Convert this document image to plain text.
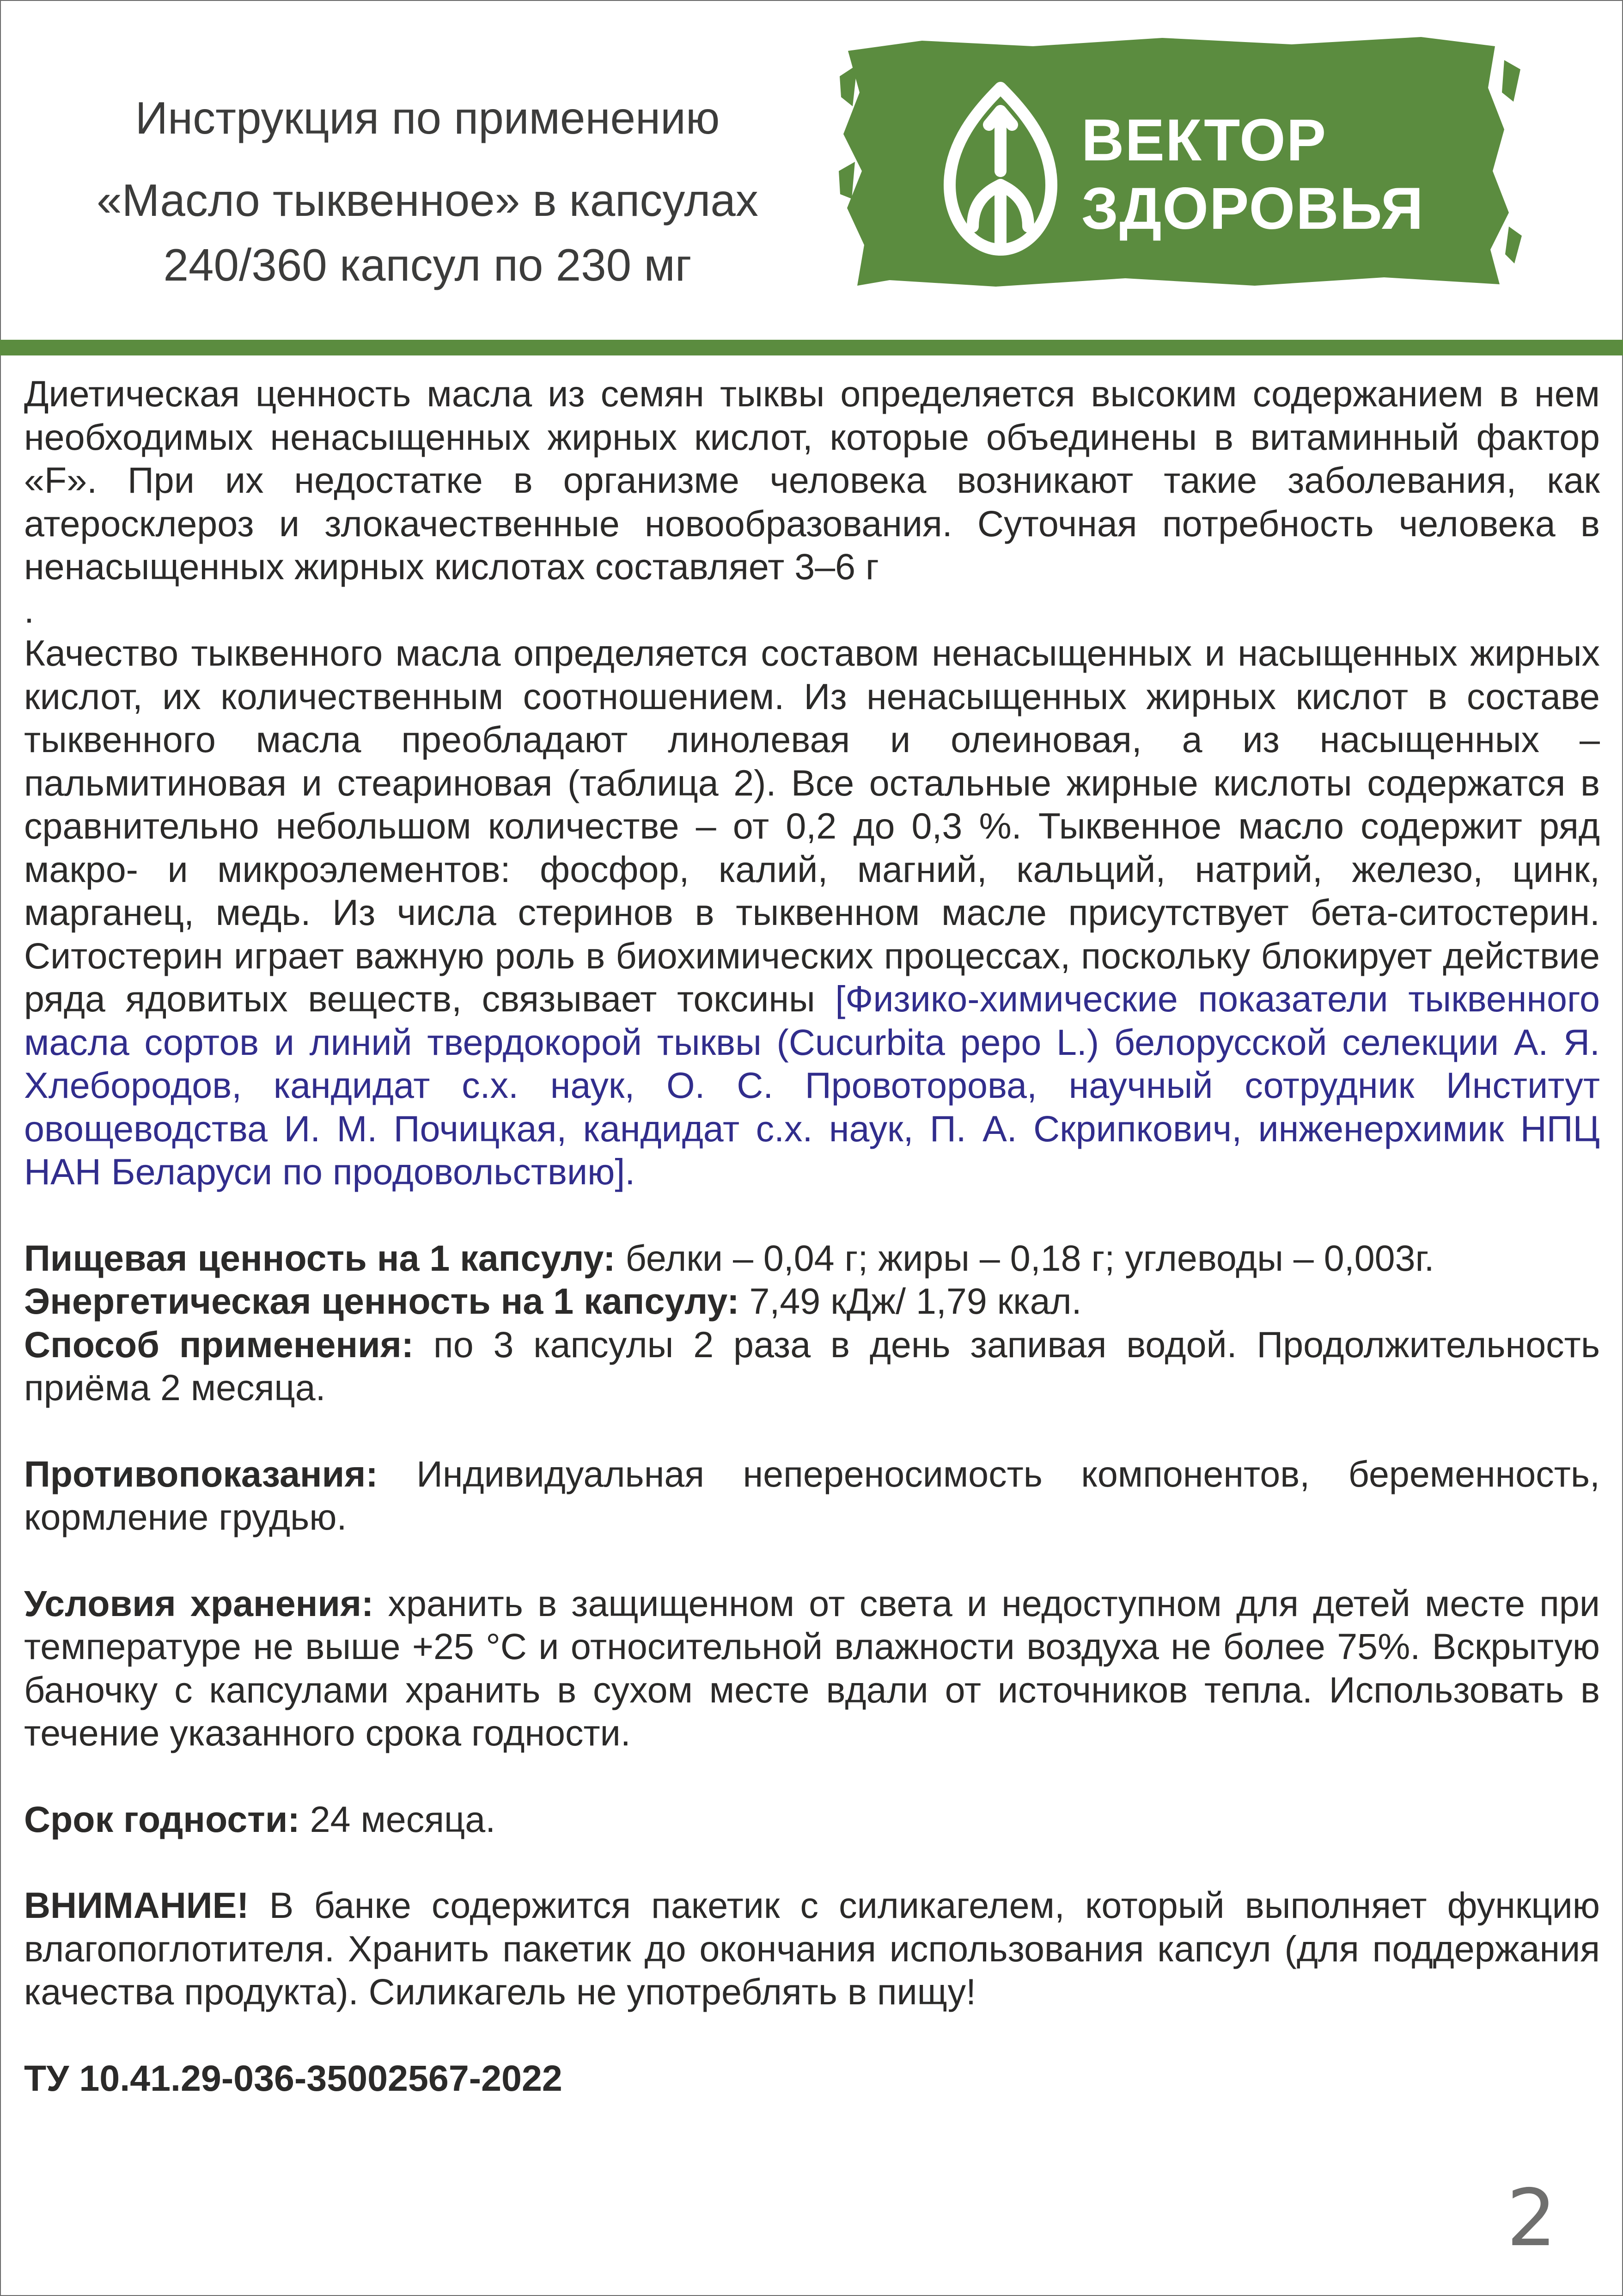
Инструкция по применению
«Масло тыквенное» в капсулах
240/360 капсул по 230 мг
ВЕКТОР
ЗДОРОВЬЯ

Диетическая ценность масла из семян тыквы определяется высоким содержанием в нем необходимых ненасыщенных жирных кислот, которые объединены в витаминный фактор «F». При их недостатке в организме человека возникают такие заболевания, как атеросклероз и злокачественные новообразования. Суточная потребность человека в ненасыщенных жирных кислотах составляет 3–6 г

.

Качество тыквенного масла определяется составом ненасыщенных и насыщенных жирных кислот, их количественным соотношением. Из ненасыщенных жирных кислот в составе тыквенного масла преобладают линолевая и олеиновая, а из насыщенных – пальмитиновая и стеариновая (таблица 2). Все остальные жирные кислоты содержатся в сравнительно небольшом количестве – от 0,2 до 0,3 %. Тыквенное масло содержит ряд макро- и микроэлементов: фосфор, калий, магний, кальций, натрий, железо, цинк, марганец, медь. Из числа стеринов в тыквенном масле присутствует бета-ситостерин. Ситостерин играет важную роль в биохимических процессах, поскольку блокирует действие ряда ядовитых веществ, связывает токсины [Физико-химические показатели тыквенного масла сортов и линий твердокорой тыквы (Cucurbita pepo L.) белорусской селекции А. Я. Хлебородов, кандидат с.х. наук, О. С. Провоторова, научный сотрудник Институт овощеводства И. М. Почицкая, кандидат с.х. наук, П. А. Скрипкович, инженерхимик НПЦ НАН Беларуси по продовольствию].

Пищевая ценность на 1 капсулу: белки – 0,04 г; жиры – 0,18 г; углеводы – 0,003г.

Энергетическая ценность на 1 капсулу: 7,49 кДж/ 1,79 ккал.

Способ применения: по 3 капсулы 2 раза в день запивая водой. Продолжительность приёма 2 месяца.

Противопоказания: Индивидуальная непереносимость компонентов, беременность, кормление грудью.

Условия хранения: хранить в защищенном от света и недоступном для детей месте при температуре не выше +25 °С и относительной влажности воздуха не более 75%. Вскрытую баночку с капсулами хранить в сухом месте вдали от источников тепла. Использовать в течение указанного срока годности.

Срок годности: 24 месяца.

ВНИМАНИЕ! В банке содержится пакетик с силикагелем, который выполняет функцию влагопоглотителя. Хранить пакетик до окончания использования капсул (для поддержания качества продукта). Силикагель не употреблять в пищу!

ТУ 10.41.29-036-35002567-2022

2
